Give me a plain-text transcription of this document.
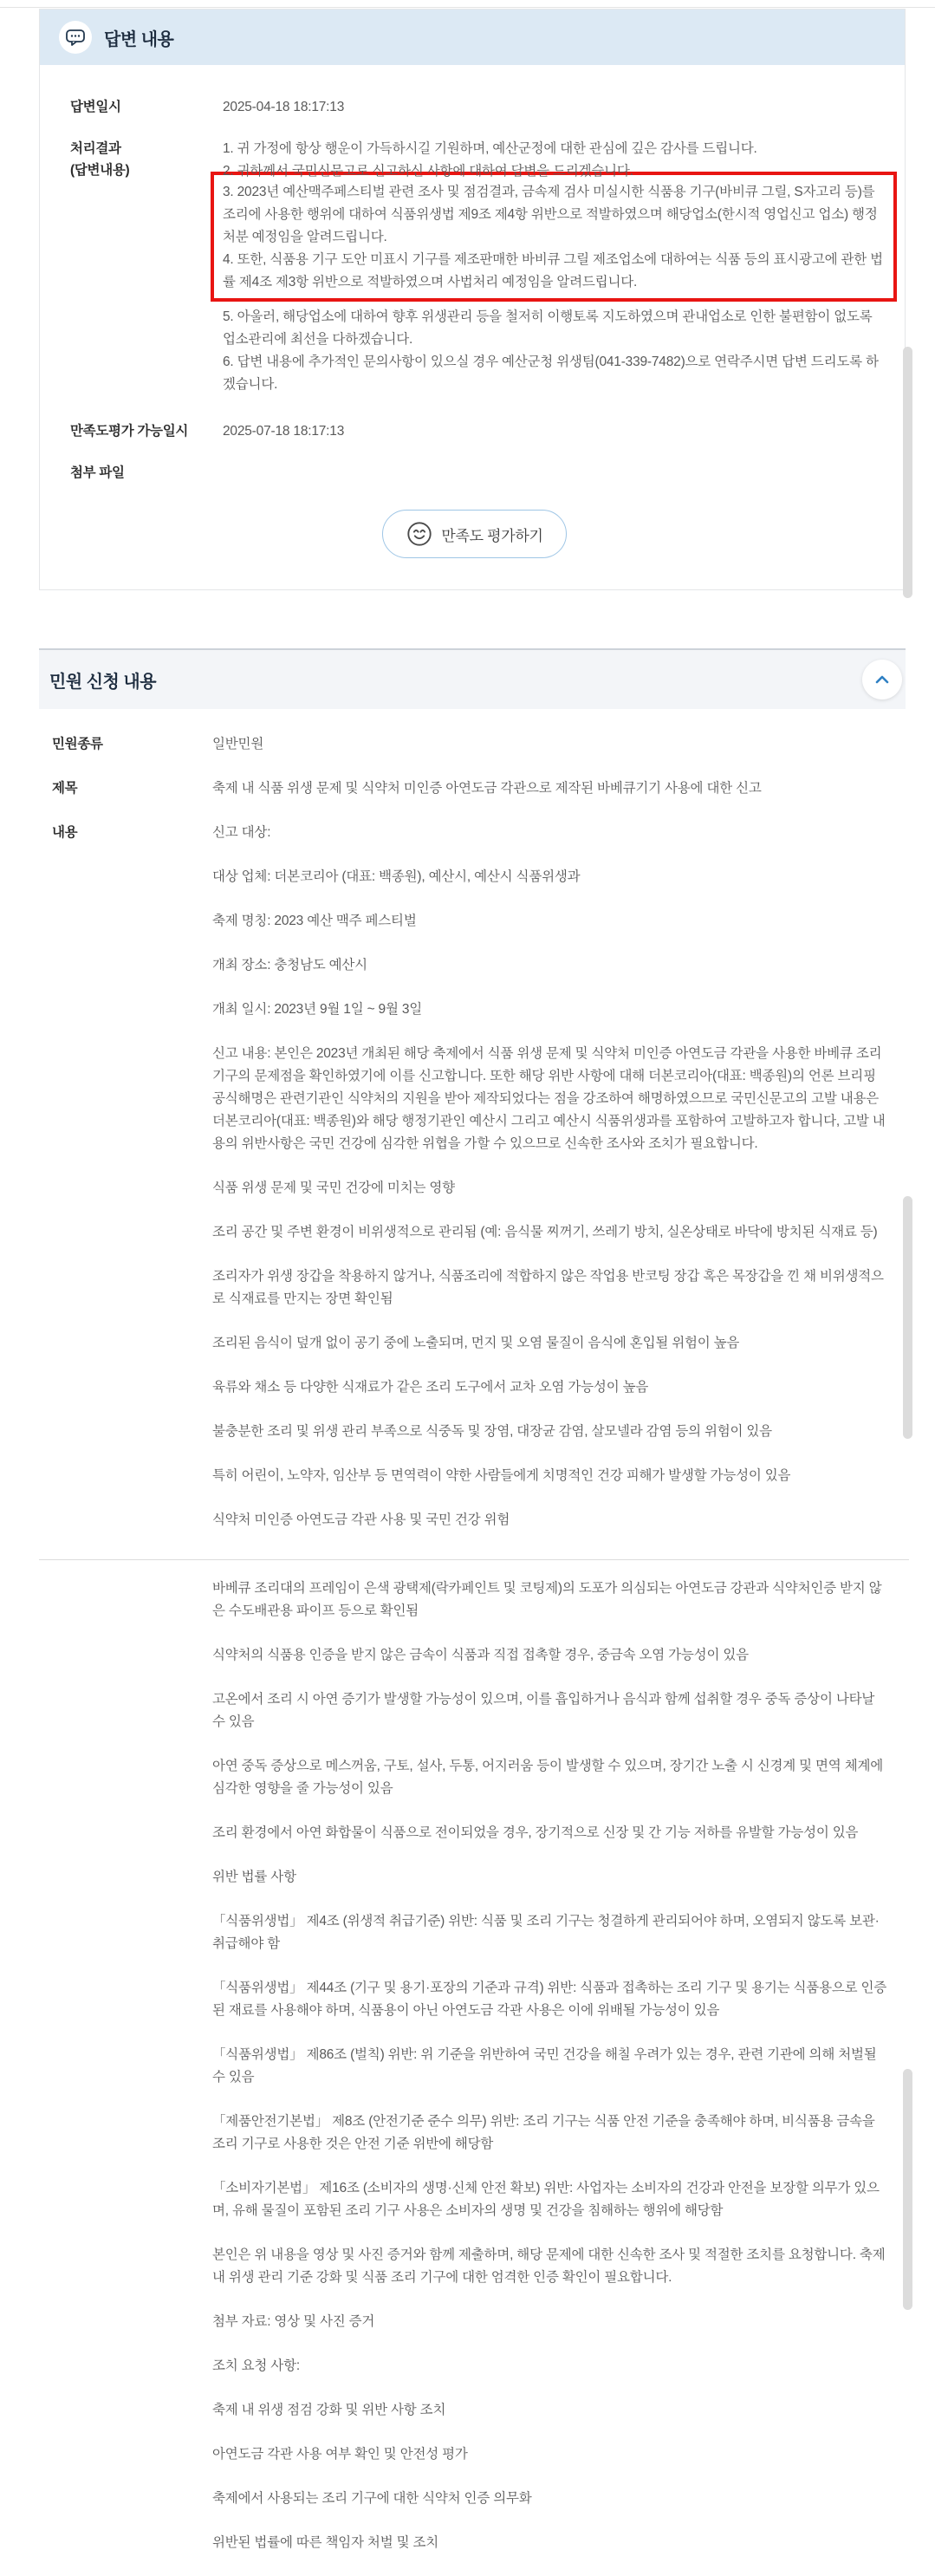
답변 내용
답변일시	2025-04-18 18:17:13
처리결과
(답변내용)

1. 귀 가정에 항상 행운이 가득하시길 기원하며, 예산군정에 대한 관심에 깊은 감사를 드립니다.

2. 귀하께서 국민신문고로 신고하신 사항에 대하여 답변을 드리겠습니다.

3. 2023년 예산맥주페스티벌 관련 조사 및 점검결과, 금속제 검사 미실시한 식품용 기구(바비큐 그릴, S자고리 등)를 조리에 사용한 행위에 대하여 식품위생법 제9조 제4항 위반으로 적발하였으며 해당업소(한시적 영업신고 업소) 행정처분 예정임을 알려드립니다.

4. 또한, 식품용 기구 도안 미표시 기구를 제조판매한 바비큐 그릴 제조업소에 대하여는 식품 등의 표시광고에 관한 법률 제4조 제3항 위반으로 적발하였으며 사법처리 예정임을 알려드립니다.

5. 아울러, 해당업소에 대하여 향후 위생관리 등을 철저히 이행토록 지도하였으며 관내업소로 인한 불편함이 없도록 업소관리에 최선을 다하겠습니다.

6. 답변 내용에 추가적인 문의사항이 있으실 경우 예산군청 위생팀(041-339-7482)으로 연락주시면 답변 드리도록 하겠습니다.

만족도평가 가능일시	2025-07-18 18:17:13
첨부 파일
만족도 평가하기
민원 신청 내용
민원종류	일반민원
제목	축제 내 식품 위생 문제 및 식약처 미인증 아연도금 각관으로 제작된 바베큐기기 사용에 대한 신고
내용	신고 대상:

대상 업체: 더본코리아 (대표: 백종원), 예산시, 예산시 식품위생과

축제 명칭: 2023 예산 맥주 페스티벌

개최 장소: 충청남도 예산시

개최 일시: 2023년 9월 1일 ~ 9월 3일

신고 내용: 본인은 2023년 개최된 해당 축제에서 식품 위생 문제 및 식약처 미인증 아연도금 각관을 사용한 바베큐 조리 기구의 문제점을 확인하였기에 이를 신고합니다. 또한 해당 위반 사항에 대해 더본코리아(대표: 백종원)의 언론 브리핑 공식해명은 관련기관인 식약처의 지원을 받아 제작되었다는 점을 강조하여 해명하였으므로 국민신문고의 고발 내용은 더본코리아(대표: 백종원)와 해당 행정기관인 예산시 그리고 예산시 식품위생과를 포함하여 고발하고자 합니다, 고발 내용의 위반사항은 국민 건강에 심각한 위협을 가할 수 있으므로 신속한 조사와 조치가 필요합니다.

식품 위생 문제 및 국민 건강에 미치는 영향

조리 공간 및 주변 환경이 비위생적으로 관리됨 (예: 음식물 찌꺼기, 쓰레기 방치, 실온상태로 바닥에 방치된 식재료 등)

조리자가 위생 장갑을 착용하지 않거나, 식품조리에 적합하지 않은 작업용 반코팅 장갑 혹은 목장갑을 낀 채 비위생적으로 식재료를 만지는 장면 확인됨

조리된 음식이 덮개 없이 공기 중에 노출되며, 먼지 및 오염 물질이 음식에 혼입될 위험이 높음

육류와 채소 등 다양한 식재료가 같은 조리 도구에서 교차 오염 가능성이 높음

불충분한 조리 및 위생 관리 부족으로 식중독 및 장염, 대장균 감염, 살모넬라 감염 등의 위험이 있음

특히 어린이, 노약자, 임산부 등 면역력이 약한 사람들에게 치명적인 건강 피해가 발생할 가능성이 있음

식약처 미인증 아연도금 각관 사용 및 국민 건강 위험

바베큐 조리대의 프레임이 은색 광택제(락카페인트 및 코팅제)의 도포가 의심되는 아연도금 강관과 식약처인증 받지 않은 수도배관용 파이프 등으로 확인됨

식약처의 식품용 인증을 받지 않은 금속이 식품과 직접 접촉할 경우, 중금속 오염 가능성이 있음

고온에서 조리 시 아연 증기가 발생할 가능성이 있으며, 이를 흡입하거나 음식과 함께 섭취할 경우 중독 증상이 나타날 수 있음

아연 중독 증상으로 메스꺼움, 구토, 설사, 두통, 어지러움 등이 발생할 수 있으며, 장기간 노출 시 신경계 및 면역 체계에 심각한 영향을 줄 가능성이 있음

조리 환경에서 아연 화합물이 식품으로 전이되었을 경우, 장기적으로 신장 및 간 기능 저하를 유발할 가능성이 있음

위반 법률 사항

「식품위생법」 제4조 (위생적 취급기준) 위반: 식품 및 조리 기구는 청결하게 관리되어야 하며, 오염되지 않도록 보관·취급해야 함

「식품위생법」 제44조 (기구 및 용기·포장의 기준과 규격) 위반: 식품과 접촉하는 조리 기구 및 용기는 식품용으로 인증된 재료를 사용해야 하며, 식품용이 아닌 아연도금 각관 사용은 이에 위배될 가능성이 있음

「식품위생법」 제86조 (벌칙) 위반: 위 기준을 위반하여 국민 건강을 해칠 우려가 있는 경우, 관련 기관에 의해 처벌될 수 있음

「제품안전기본법」 제8조 (안전기준 준수 의무) 위반: 조리 기구는 식품 안전 기준을 충족해야 하며, 비식품용 금속을 조리 기구로 사용한 것은 안전 기준 위반에 해당함

「소비자기본법」 제16조 (소비자의 생명·신체 안전 확보) 위반: 사업자는 소비자의 건강과 안전을 보장할 의무가 있으며, 유해 물질이 포함된 조리 기구 사용은 소비자의 생명 및 건강을 침해하는 행위에 해당함

본인은 위 내용을 영상 및 사진 증거와 함께 제출하며, 해당 문제에 대한 신속한 조사 및 적절한 조치를 요청합니다. 축제 내 위생 관리 기준 강화 및 식품 조리 기구에 대한 엄격한 인증 확인이 필요합니다.

첨부 자료: 영상 및 사진 증거

조치 요청 사항:

축제 내 위생 점검 강화 및 위반 사항 조치

아연도금 각관 사용 여부 확인 및 안전성 평가

축제에서 사용되는 조리 기구에 대한 식약처 인증 의무화

위반된 법률에 따른 책임자 처벌 및 조치
